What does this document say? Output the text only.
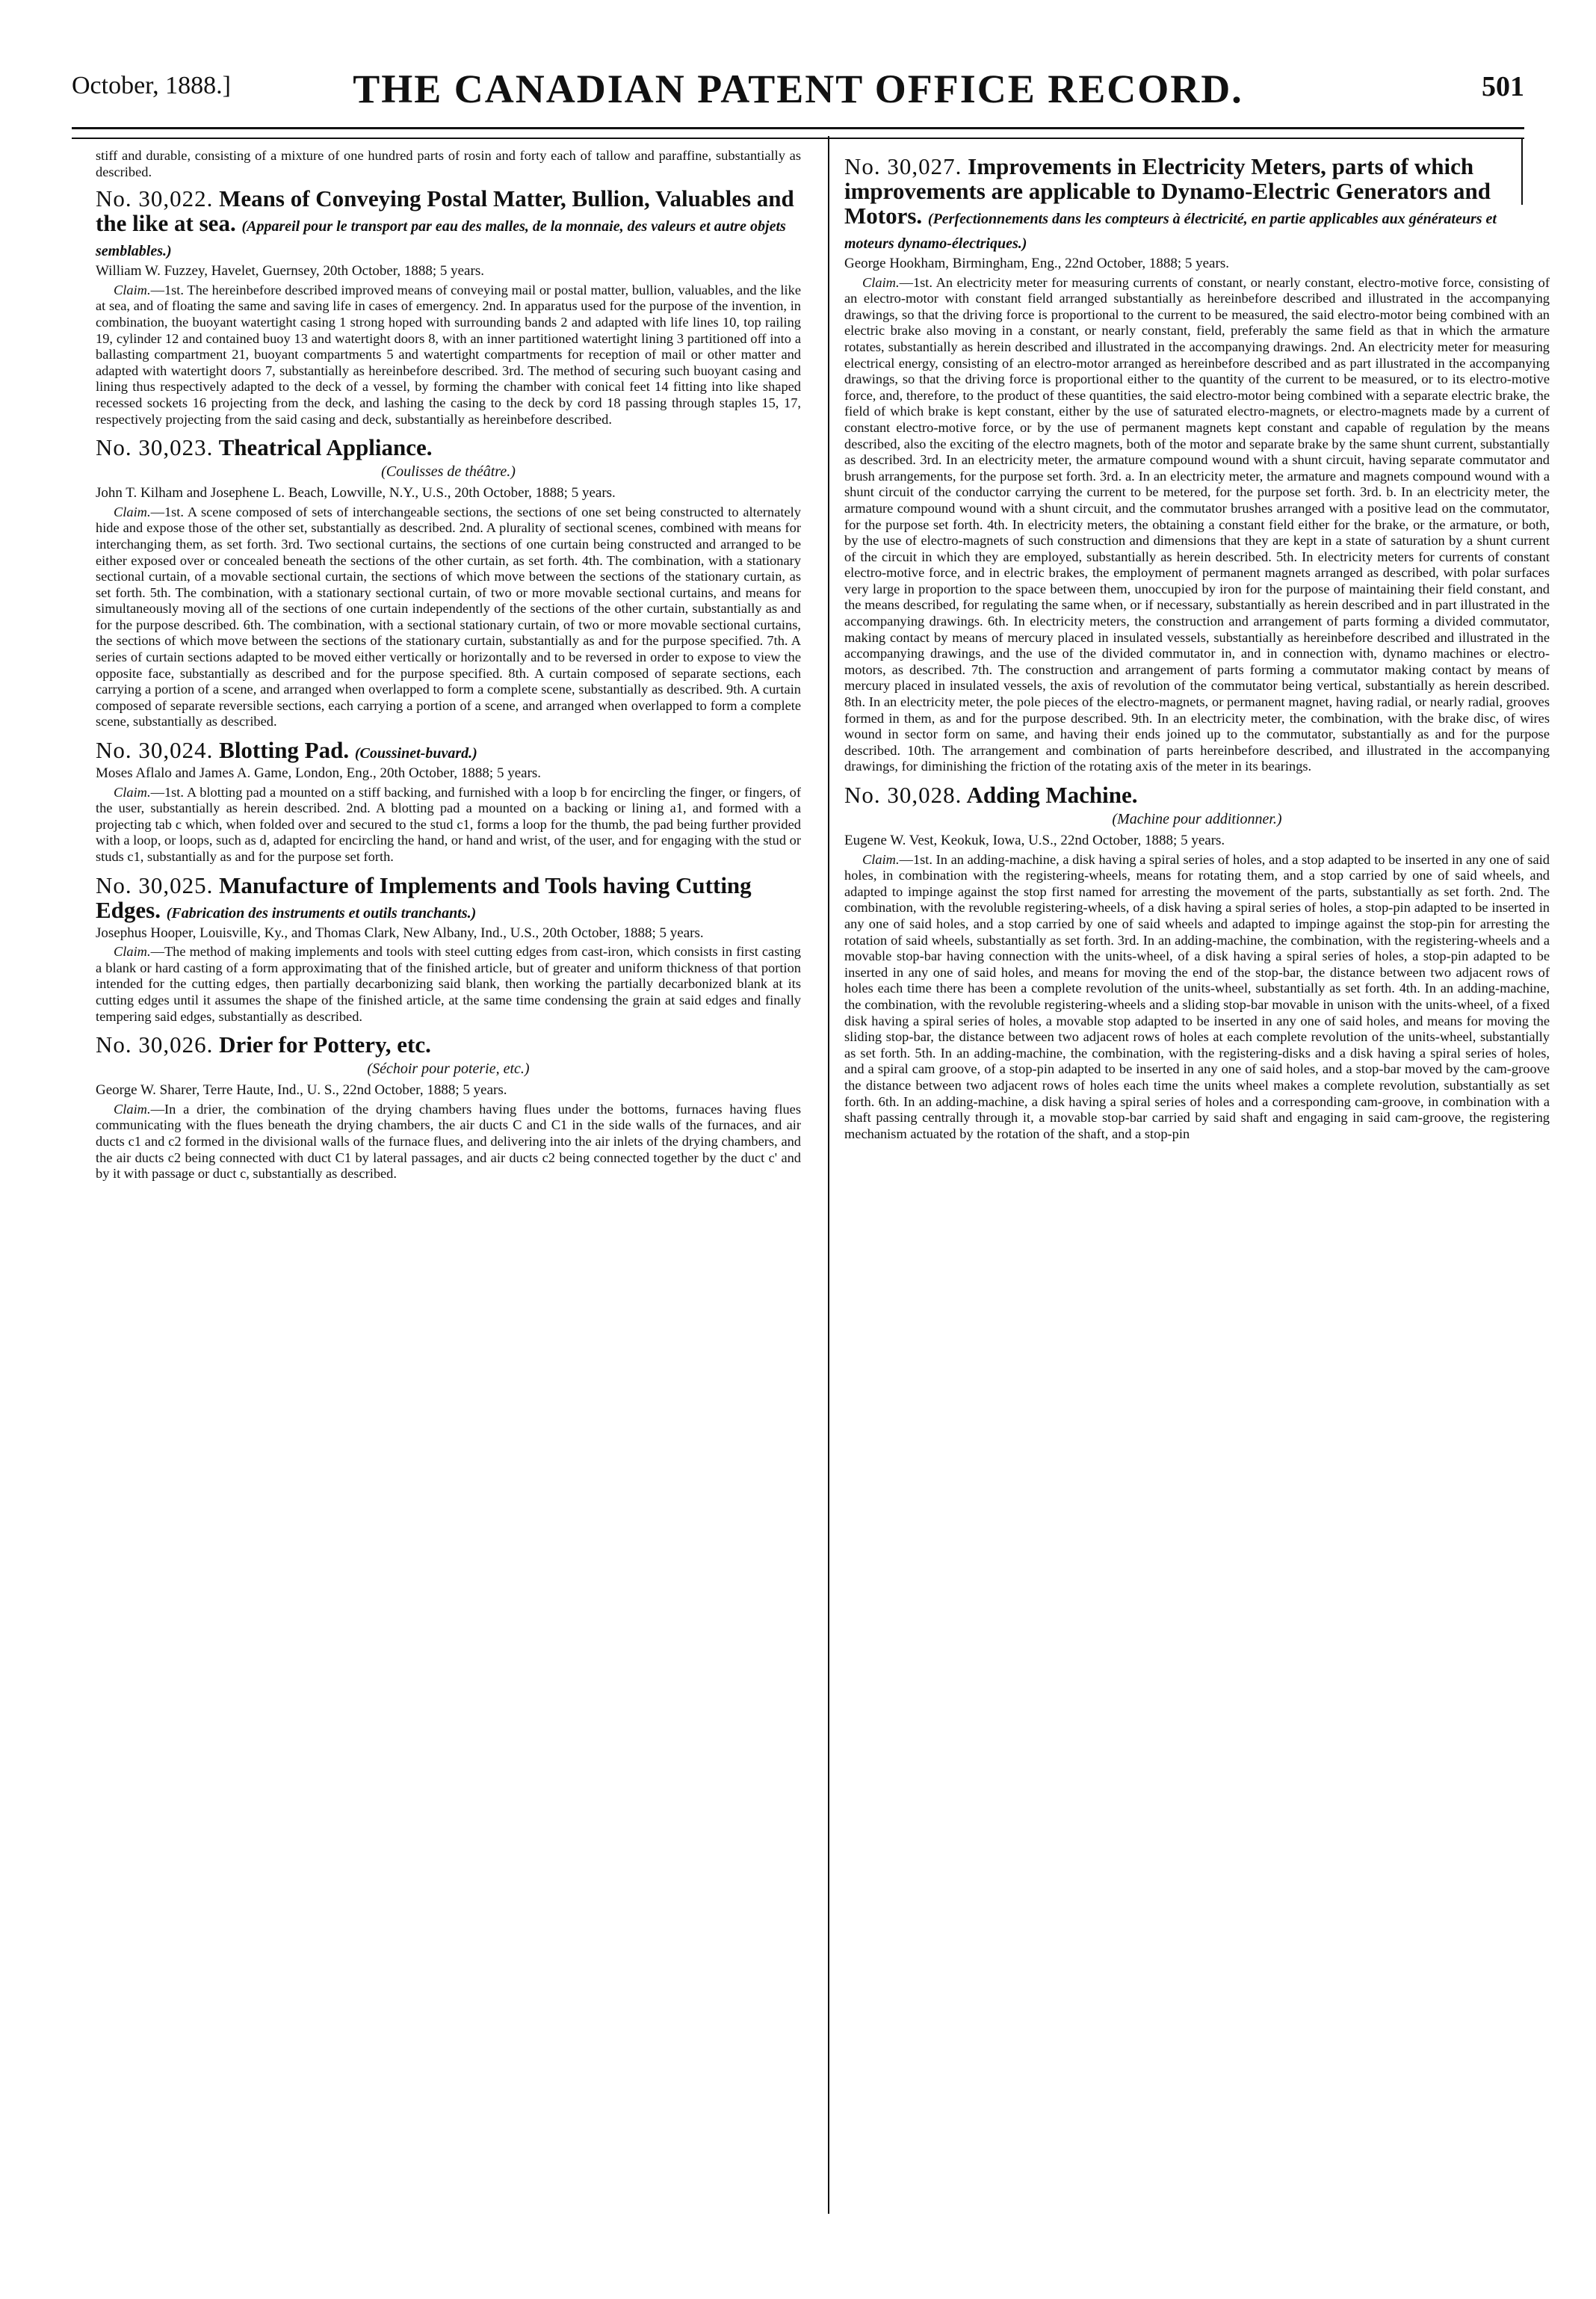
October, 1888.]	THE CANADIAN PATENT OFFICE RECORD.	501

stiff and durable, consisting of a mixture of one hundred parts of rosin and forty each of tallow and paraffine, substantially as described.

No. 30,022. Means of Conveying Postal Matter, Bullion, Valuables and the like at sea. (Appareil pour le transport par eau des malles, de la monnaie, des valeurs et autre objets semblables.)
William W. Fuzzey, Havelet, Guernsey, 20th October, 1888; 5 years.

Claim.—1st. The hereinbefore described improved means of conveying mail or postal matter, bullion, valuables, and the like at sea, and of floating the same and saving life in cases of emergency. 2nd. In apparatus used for the purpose of the invention, in combination, the buoyant watertight casing 1 strong hoped with surrounding bands 2 and adapted with life lines 10, top railing 19, cylinder 12 and contained buoy 13 and watertight doors 8, with an inner partitioned watertight lining 3 partitioned off into a ballasting compartment 21, buoyant compartments 5 and watertight compartments for reception of mail or other matter and adapted with watertight doors 7, substantially as hereinbefore described. 3rd. The method of securing such buoyant casing and lining thus respectively adapted to the deck of a vessel, by forming the chamber with conical feet 14 fitting into like shaped recessed sockets 16 projecting from the deck, and lashing the casing to the deck by cord 18 passing through staples 15, 17, respectively projecting from the said casing and deck, substantially as hereinbefore described.

No. 30,023. Theatrical Appliance.
(Coulisses de théâtre.)
John T. Kilham and Josephene L. Beach, Lowville, N.Y., U.S., 20th October, 1888; 5 years.

Claim.—1st. A scene composed of sets of interchangeable sections, the sections of one set being constructed to alternately hide and expose those of the other set, substantially as described. 2nd. A plurality of sectional scenes, combined with means for interchanging them, as set forth. 3rd. Two sectional curtains, the sections of one curtain being constructed and arranged to be either exposed over or concealed beneath the sections of the other curtain, as set forth. 4th. The combination, with a stationary sectional curtain, of a movable sectional curtain, the sections of which move between the sections of the stationary curtain, as set forth. 5th. The combination, with a stationary sectional curtain, of two or more movable sectional curtains, and means for simultaneously moving all of the sections of one curtain independently of the sections of the other curtain, substantially as and for the purpose described. 6th. The combination, with a sectional stationary curtain, of two or more movable sectional curtains, the sections of which move between the sections of the stationary curtain, substantially as and for the purpose specified. 7th. A series of curtain sections adapted to be moved either vertically or horizontally and to be reversed in order to expose to view the opposite face, substantially as described and for the purpose specified. 8th. A curtain composed of separate sections, each carrying a portion of a scene, and arranged when overlapped to form a complete scene, substantially as described. 9th. A curtain composed of separate reversible sections, each carrying a portion of a scene, and arranged when overlapped to form a complete scene, substantially as described.

No. 30,024. Blotting Pad. (Coussinet-buvard.)
Moses Aflalo and James A. Game, London, Eng., 20th October, 1888; 5 years.

Claim.—1st. A blotting pad a mounted on a stiff backing, and furnished with a loop b for encircling the finger, or fingers, of the user, substantially as herein described. 2nd. A blotting pad a mounted on a backing or lining a1, and formed with a projecting tab c which, when folded over and secured to the stud c1, forms a loop for the thumb, the pad being further provided with a loop, or loops, such as d, adapted for encircling the hand, or hand and wrist, of the user, and for engaging with the stud or studs c1, substantially as and for the purpose set forth.

No. 30,025. Manufacture of Implements and Tools having Cutting Edges. (Fabrication des instruments et outils tranchants.)
Josephus Hooper, Louisville, Ky., and Thomas Clark, New Albany, Ind., U.S., 20th October, 1888; 5 years.

Claim.—The method of making implements and tools with steel cutting edges from cast-iron, which consists in first casting a blank or hard casting of a form approximating that of the finished article, but of greater and uniform thickness of that portion intended for the cutting edges, then partially decarbonizing said blank, then working the partially decarbonized blank at its cutting edges until it assumes the shape of the finished article, at the same time condensing the grain at said edges and finally tempering said edges, substantially as described.

No. 30,026. Drier for Pottery, etc.
(Séchoir pour poterie, etc.)
George W. Sharer, Terre Haute, Ind., U. S., 22nd October, 1888; 5 years.

Claim.—In a drier, the combination of the drying chambers having flues under the bottoms, furnaces having flues communicating with the flues beneath the drying chambers, the air ducts C and C1 in the side walls of the furnaces, and air ducts c1 and c2 formed in the divisional walls of the furnace flues, and delivering into the air inlets of the drying chambers, and the air ducts c2 being connected with duct C1 by lateral passages, and air ducts c2 being connected together by the duct c' and by it with passage or duct c, substantially as described.

No. 30,027. Improvements in Electricity Meters, parts of which improvements are applicable to Dynamo-Electric Generators and Motors. (Perfectionnements dans les compteurs à électricité, en partie applicables aux générateurs et moteurs dynamo-électriques.)
George Hookham, Birmingham, Eng., 22nd October, 1888; 5 years.

Claim.—1st. An electricity meter for measuring currents of constant, or nearly constant, electro-motive force, consisting of an electro-motor with constant field arranged substantially as hereinbefore described and illustrated in the accompanying drawings, so that the driving force is proportional to the current to be measured, the said electro-motor being combined with an electric brake also moving in a constant, or nearly constant, field, preferably the same field as that in which the armature rotates, substantially as herein described and illustrated in the accompanying drawings. 2nd. An electricity meter for measuring electrical energy, consisting of an electro-motor arranged as hereinbefore described and as part illustrated in the accompanying drawings, so that the driving force is proportional either to the quantity of the current to be measured, or to its electro-motive force, and, therefore, to the product of these quantities, the said electro-motor being combined with a separate electric brake, the field of which brake is kept constant, either by the use of saturated electro-magnets, or electro-magnets made by a current of constant electro-motive force, or by the use of permanent magnets kept constant and capable of regulation by the means described, also the exciting of the electro magnets, both of the motor and separate brake by the same shunt current, substantially as described. 3rd. In an electricity meter, the armature compound wound with a shunt circuit, having separate commutator and brush arrangements, for the purpose set forth. 3rd. a. In an electricity meter, the armature and magnets compound wound with a shunt circuit of the conductor carrying the current to be metered, for the purpose set forth. 3rd. b. In an electricity meter, the armature compound wound with a shunt circuit, and the commutator brushes arranged with a positive lead on the commutator, for the purpose set forth. 4th. In electricity meters, the obtaining a constant field either for the brake, or the armature, or both, by the use of electro-magnets of such construction and dimensions that they are kept in a state of saturation by a shunt current of the circuit in which they are employed, substantially as herein described. 5th. In electricity meters for currents of constant electro-motive force, and in electric brakes, the employment of permanent magnets arranged as described, with polar surfaces very large in proportion to the space between them, unoccupied by iron for the purpose of maintaining their field constant, and the means described, for regulating the same when, or if necessary, substantially as herein described and in part illustrated in the accompanying drawings. 6th. In electricity meters, the construction and arrangement of parts forming a divided commutator, making contact by means of mercury placed in insulated vessels, substantially as hereinbefore described and illustrated in the accompanying drawings, and the use of the divided commutator in, and in connection with, dynamo machines or electro-motors, as described. 7th. The construction and arrangement of parts forming a commutator making contact by means of mercury placed in insulated vessels, the axis of revolution of the commutator being vertical, substantially as herein described. 8th. In an electricity meter, the pole pieces of the electro-magnets, or permanent magnet, having radial, or nearly radial, grooves formed in them, as and for the purpose described. 9th. In an electricity meter, the combination, with the brake disc, of wires wound in sector form on same, and having their ends joined up to the commutator, substantially as and for the purpose described. 10th. The arrangement and combination of parts hereinbefore described, and illustrated in the accompanying drawings, for diminishing the friction of the rotating axis of the meter in its bearings.

No. 30,028. Adding Machine.
(Machine pour additionner.)
Eugene W. Vest, Keokuk, Iowa, U.S., 22nd October, 1888; 5 years.

Claim.—1st. In an adding-machine, a disk having a spiral series of holes, and a stop adapted to be inserted in any one of said holes, in combination with the registering-wheels, means for rotating them, and a stop carried by one of said wheels, and adapted to impinge against the stop first named for arresting the movement of the parts, substantially as set forth. 2nd. The combination, with the revoluble registering-wheels, of a disk having a spiral series of holes, a stop-pin adapted to be inserted in any one of said holes, and a stop carried by one of said wheels and adapted to impinge against the stop-pin for arresting the rotation of said wheels, substantially as set forth. 3rd. In an adding-machine, the combination, with the registering-wheels and a movable stop-bar having connection with the units-wheel, of a disk having a spiral series of holes, a stop-pin adapted to be inserted in any one of said holes, and means for moving the end of the stop-bar, the distance between two adjacent rows of holes each time there has been a complete revolution of the units-wheel, substantially as set forth. 4th. In an adding-machine, the combination, with the revoluble registering-wheels and a sliding stop-bar movable in unison with the units-wheel, of a fixed disk having a spiral series of holes, a movable stop adapted to be inserted in any one of said holes, and means for moving the sliding stop-bar, the distance between two adjacent rows of holes at each complete revolution of the units-wheel, substantially as set forth. 5th. In an adding-machine, the combination, with the registering-disks and a disk having a spiral series of holes, and a spiral cam groove, of a stop-pin adapted to be inserted in any one of said holes, and a stop-bar moved by the cam-groove the distance between two adjacent rows of holes each time the units wheel makes a complete revolution, substantially as set forth. 6th. In an adding-machine, a disk having a spiral series of holes and a corresponding cam-groove, in combination with a shaft passing centrally through it, a movable stop-bar carried by said shaft and engaging in said cam-groove, the registering mechanism actuated by the rotation of the shaft, and a stop-pin
